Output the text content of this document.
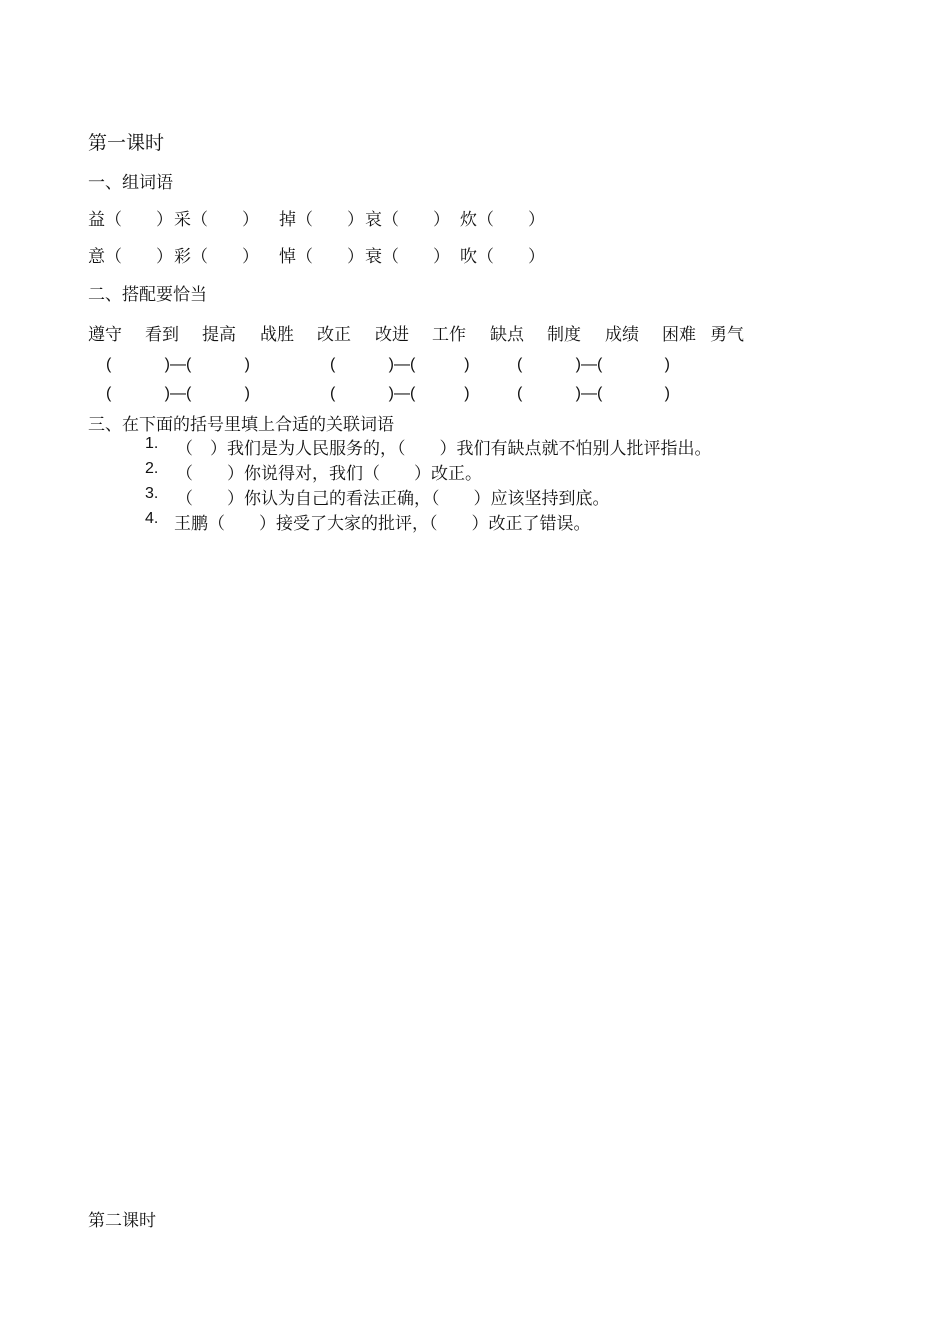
第一课时
一、组词语
益（　　） 采（　　） 掉（　　） 哀（　　） 炊（　　）
意（　　） 彩（　　） 悼（　　） 衰（　　） 吹（　　）
二、搭配要恰当
遵守 看到 提高 战胜 改正 改进 工作 缺点 制度 成绩 困难 勇气
(            )—(            )	(            )—(           )	(            )—(              )
(            )—(            )	(            )—(           )	(            )—(              )
三、在下面的括号里填上合适的关联词语
1. （　）我们是为人民服务的，（　　）我们有缺点就不怕别人批评指出。
2. （　　）你说得对，我们（　　）改正。
3. （　　）你认为自己的看法正确，（　　）应该坚持到底。
4. 王鹏（　　）接受了大家的批评，（　　）改正了错误。
第二课时
